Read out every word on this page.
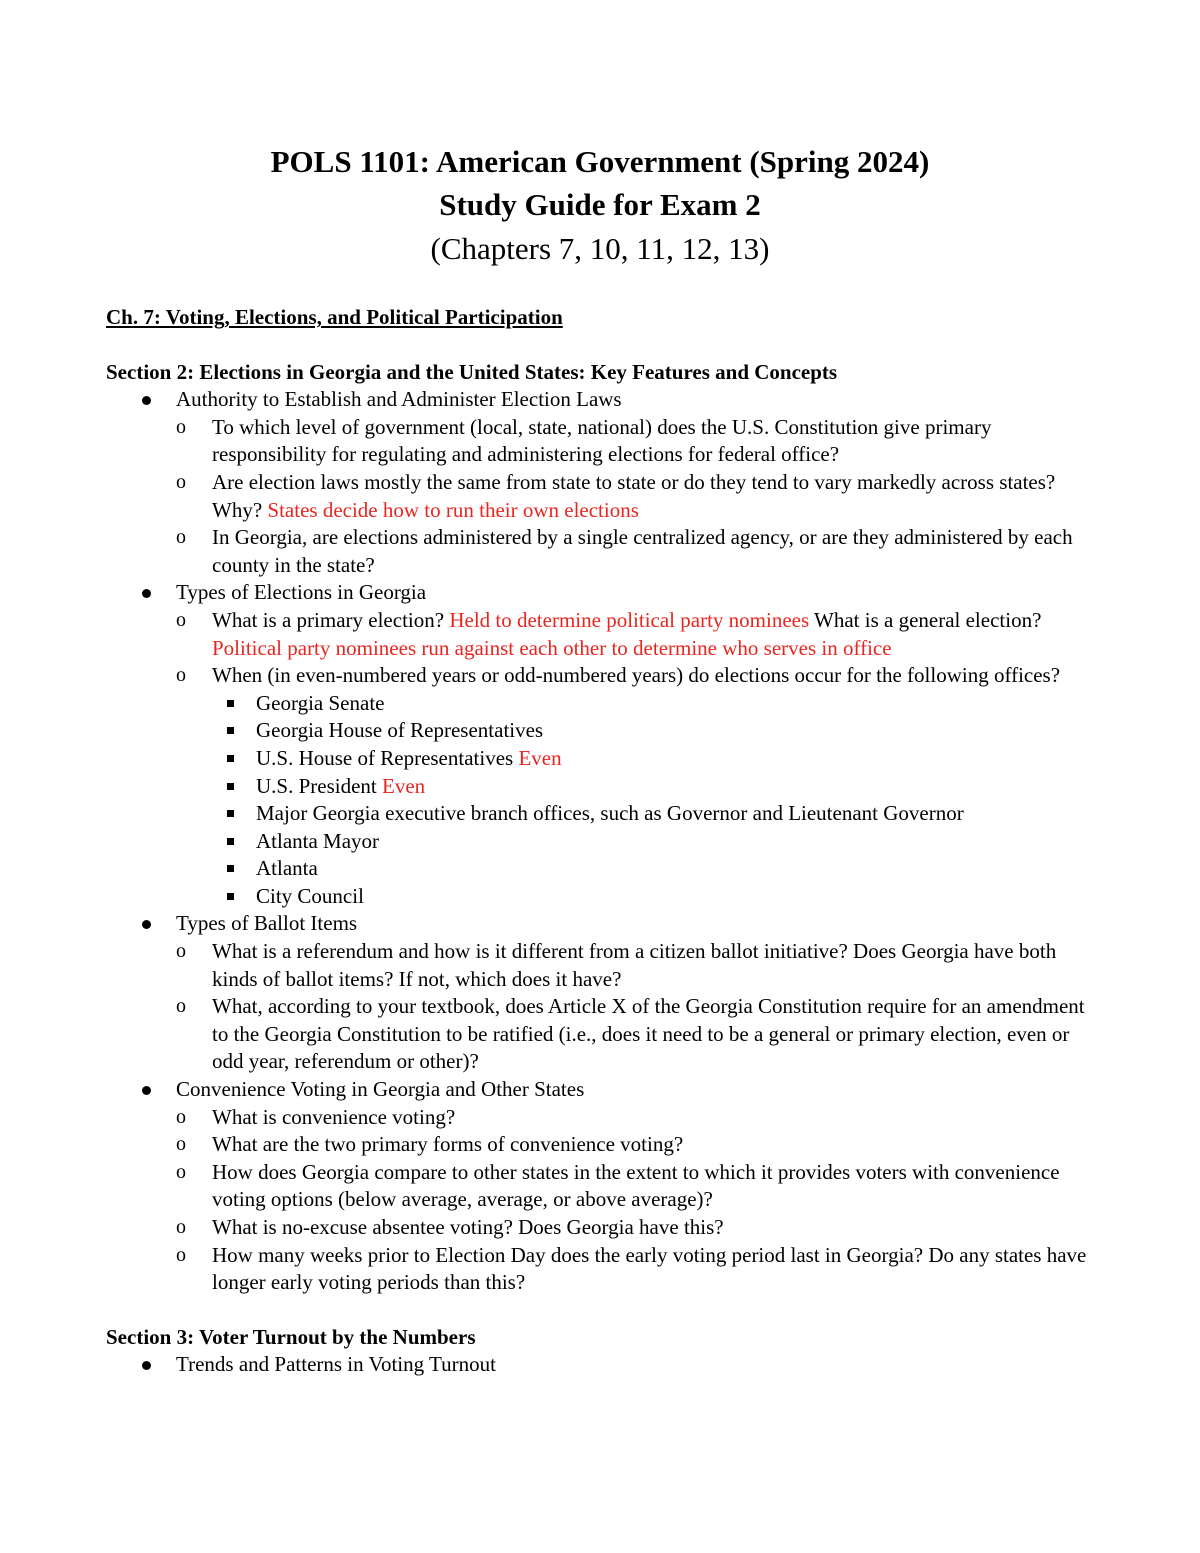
POLS 1101: American Government (Spring 2024)
Study Guide for Exam 2
(Chapters 7, 10, 11, 12, 13)
Ch. 7: Voting, Elections, and Political Participation
Section 2: Elections in Georgia and the United States: Key Features and Concepts
Authority to Establish and Administer Election Laws
o To which level of government (local, state, national) does the U.S. Constitution give primary responsibility for regulating and administering elections for federal office?
o Are election laws mostly the same from state to state or do they tend to vary markedly across states? Why? States decide how to run their own elections
o In Georgia, are elections administered by a single centralized agency, or are they administered by each county in the state?
Types of Elections in Georgia
o What is a primary election? Held to determine political party nominees What is a general election?  Political party nominees run against each other to determine who serves in office
o When (in even-numbered years or odd-numbered years) do elections occur for the following offices?
Georgia Senate
Georgia House of Representatives
U.S. House of Representatives Even
U.S. President Even
Major Georgia executive branch offices, such as Governor and Lieutenant Governor
Atlanta Mayor
Atlanta
City Council
Types of Ballot Items
o What is a referendum and how is it different from a citizen ballot initiative? Does Georgia have both kinds of ballot items? If not, which does it have?
o What, according to your textbook, does Article X of the Georgia Constitution require for an amendment to the Georgia Constitution to be ratified (i.e., does it need to be a general or primary election, even or odd year, referendum or other)?
Convenience Voting in Georgia and Other States
o What is convenience voting?
o What are the two primary forms of convenience voting?
o How does Georgia compare to other states in the extent to which it provides voters with convenience voting options (below average, average, or above average)?
o What is no-excuse absentee voting? Does Georgia have this?
o How many weeks prior to Election Day does the early voting period last in Georgia? Do any states have longer early voting periods than this?
Section 3: Voter Turnout by the Numbers
Trends and Patterns in Voting Turnout
